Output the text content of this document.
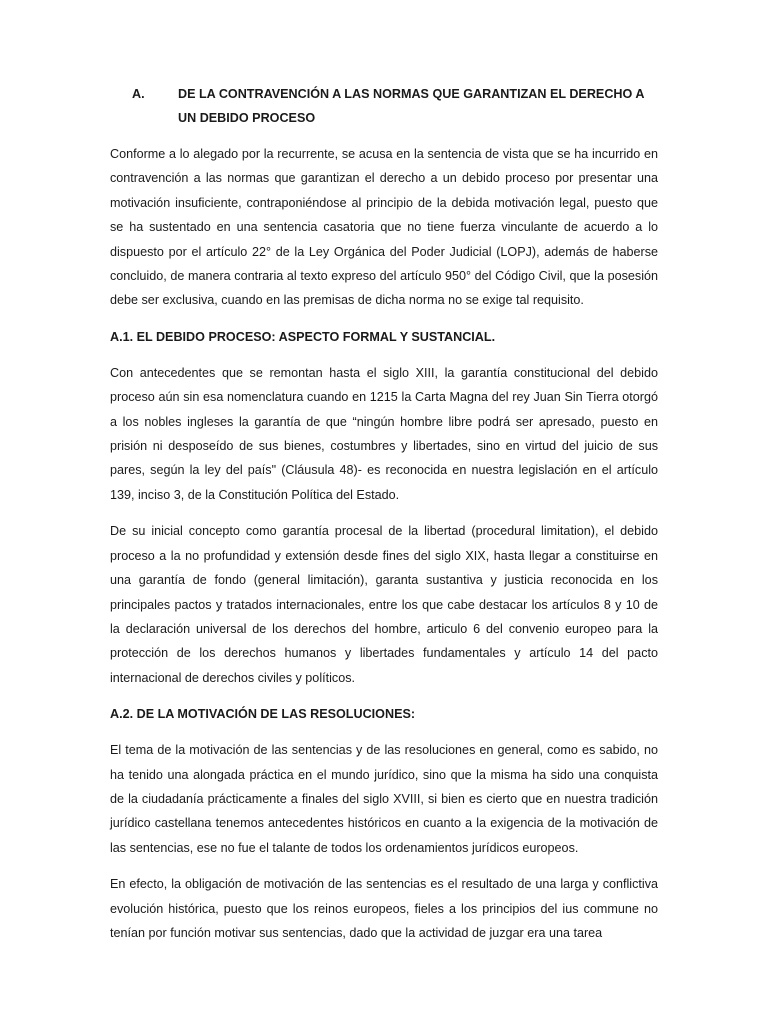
A.	DE LA CONTRAVENCIÓN A LAS NORMAS QUE GARANTIZAN EL DERECHO A UN DEBIDO PROCESO

Conforme a lo alegado por la recurrente, se acusa en la sentencia de vista que se ha incurrido en contravención a las normas que garantizan el derecho a un debido proceso por presentar una motivación insuficiente, contraponiéndose al principio de la debida motivación legal, puesto que se ha sustentado en una sentencia casatoria que no tiene fuerza vinculante de acuerdo a lo dispuesto por el artículo 22° de la Ley Orgánica del Poder Judicial (LOPJ), además de haberse concluido, de manera contraria al texto expreso del artículo 950° del Código Civil, que la posesión debe ser exclusiva, cuando en las premisas de dicha norma no se exige tal requisito.

A.1. EL DEBIDO PROCESO: ASPECTO FORMAL Y SUSTANCIAL.

Con antecedentes que se remontan hasta el siglo XIII, la garantía constitucional del debido proceso aún sin esa nomenclatura cuando en 1215 la Carta Magna del rey Juan Sin Tierra otorgó a los nobles ingleses la garantía de que “ningún hombre libre podrá ser apresado, puesto en prisión ni desposeído de sus bienes, costumbres y libertades, sino en virtud del juicio de sus pares, según la ley del país" (Cláusula 48)- es reconocida en nuestra legislación en el artículo 139, inciso 3, de la Constitución Política del Estado.

De su inicial concepto como garantía procesal de la libertad (procedural limitation), el debido proceso a la no profundidad y extensión desde fines del siglo XIX, hasta llegar a constituirse en una garantía de fondo (general limitación), garanta sustantiva y justicia reconocida en los principales pactos y tratados internacionales, entre los que cabe destacar los artículos 8 y 10 de la declaración universal de los derechos del hombre, articulo 6 del convenio europeo para la protección de los derechos humanos y libertades fundamentales y artículo 14 del pacto internacional de derechos civiles y políticos.

A.2. DE LA MOTIVACIÓN DE LAS RESOLUCIONES:

El tema de la motivación de las sentencias y de las resoluciones en general, como es sabido, no ha tenido una alongada práctica en el mundo jurídico, sino que la misma ha sido una conquista de la ciudadanía prácticamente a finales del siglo XVIII, si bien es cierto que en nuestra tradición jurídico castellana tenemos antecedentes históricos en cuanto a la exigencia de la motivación de las sentencias, ese no fue el talante de todos los ordenamientos jurídicos europeos.

En efecto, la obligación de motivación de las sentencias es el resultado de una larga y conflictiva evolución histórica, puesto que los reinos europeos, fieles a los principios del ius commune no tenían por función motivar sus sentencias, dado que la actividad de juzgar era una tarea
